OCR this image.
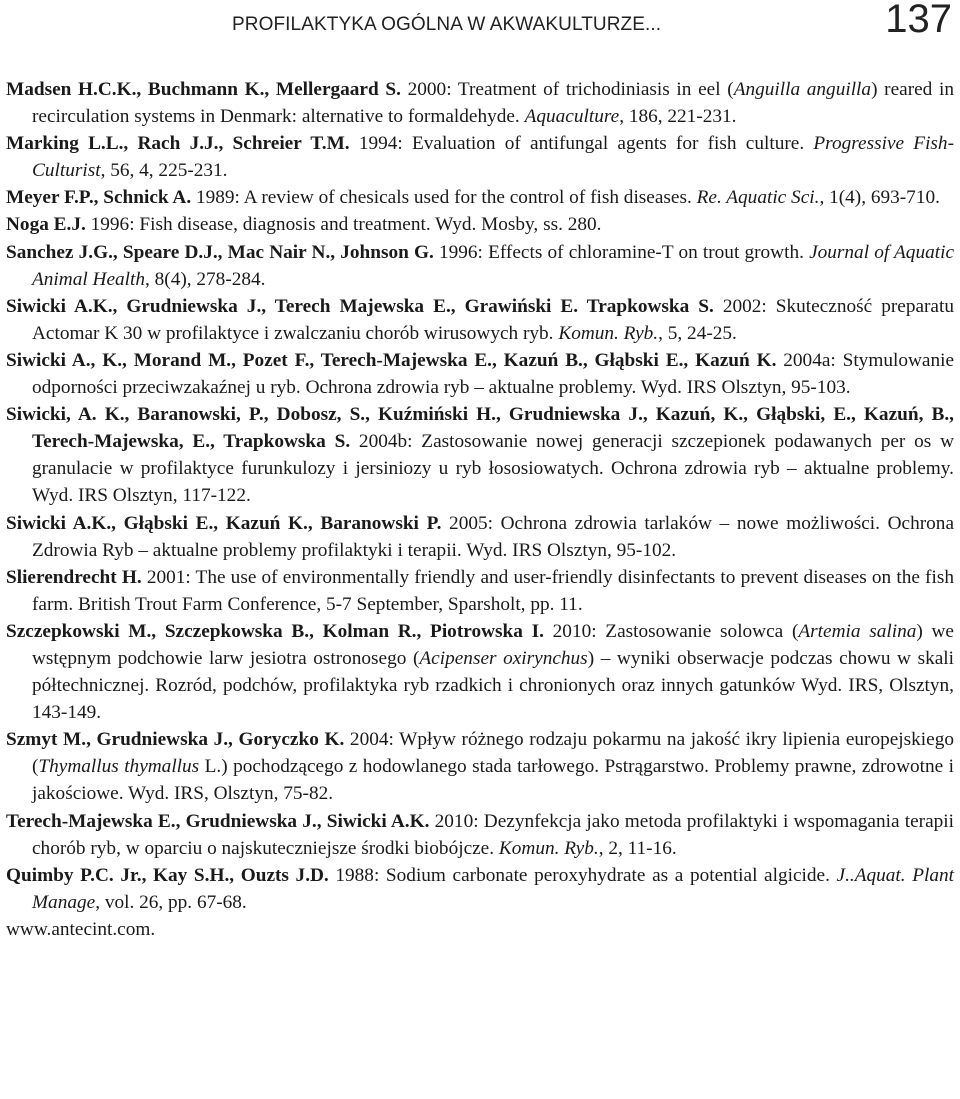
PROFILAKTYKA OGÓLNA W AKWAKULTURZE...	137

Madsen H.C.K., Buchmann K., Mellergaard S. 2000: Treatment of trichodiniasis in eel (Anguilla anguilla) reared in recirculation systems in Denmark: alternative to formaldehyde. Aquaculture, 186, 221-231.

Marking L.L., Rach J.J., Schreier T.M. 1994: Evaluation of antifungal agents for fish culture. Progressive Fish-Culturist, 56, 4, 225-231.

Meyer F.P., Schnick A. 1989: A review of chesicals used for the control of fish diseases. Re. Aquatic Sci., 1(4), 693-710.

Noga E.J. 1996: Fish disease, diagnosis and treatment. Wyd. Mosby, ss. 280.

Sanchez J.G., Speare D.J., Mac Nair N., Johnson G. 1996: Effects of chloramine-T on trout growth. Journal of Aquatic Animal Health, 8(4), 278-284.

Siwicki A.K., Grudniewska J., Terech Majewska E., Grawiński E. Trapkowska S. 2002: Skuteczność preparatu Actomar K 30 w profilaktyce i zwalczaniu chorób wirusowych ryb. Komun. Ryb., 5, 24-25.

Siwicki A., K., Morand M., Pozet F., Terech-Majewska E., Kazuń B., Głąbski E., Kazuń K. 2004a: Stymulowanie odporności przeciwzakaźnej u ryb. Ochrona zdrowia ryb – aktualne problemy. Wyd. IRS Olsztyn, 95-103.

Siwicki, A. K., Baranowski, P., Dobosz, S., Kuźmiński H., Grudniewska J., Kazuń, K., Głąbski, E., Kazuń, B., Terech-Majewska, E., Trapkowska S. 2004b: Zastosowanie nowej generacji szczepionek podawanych per os w granulacie w profilaktyce furunkulozy i jersiniozy u ryb łososiowatych. Ochrona zdrowia ryb – aktualne problemy. Wyd. IRS Olsztyn, 117-122.

Siwicki A.K., Głąbski E., Kazuń K., Baranowski P. 2005: Ochrona zdrowia tarlaków – nowe możliwości. Ochrona Zdrowia Ryb – aktualne problemy profilaktyki i terapii. Wyd. IRS Olsztyn, 95-102.

Slierendrecht H. 2001: The use of environmentally friendly and user-friendly disinfectants to prevent diseases on the fish farm. British Trout Farm Conference, 5-7 September, Sparsholt, pp. 11.

Szczepkowski M., Szczepkowska B., Kolman R., Piotrowska I. 2010: Zastosowanie solowca (Artemia salina) we wstępnym podchowie larw jesiotra ostronosego (Acipenser oxirynchus) – wyniki obserwacje podczas chowu w skali półtechnicznej. Rozród, podchów, profilaktyka ryb rzadkich i chronionych oraz innych gatunków Wyd. IRS, Olsztyn, 143-149.

Szmyt M., Grudniewska J., Goryczko K. 2004: Wpływ różnego rodzaju pokarmu na jakość ikry lipienia europejskiego (Thymallus thymallus L.) pochodzącego z hodowlanego stada tarłowego. Pstrągarstwo. Problemy prawne, zdrowotne i jakościowe. Wyd. IRS, Olsztyn, 75-82.

Terech-Majewska E., Grudniewska J., Siwicki A.K. 2010: Dezynfekcja jako metoda profilaktyki i wspomagania terapii chorób ryb, w oparciu o najskuteczniejsze środki biobójcze. Komun. Ryb., 2, 11-16.

Quimby P.C. Jr., Kay S.H., Ouzts J.D. 1988: Sodium carbonate peroxyhydrate as a potential algicide. J..Aquat. Plant Manage, vol. 26, pp. 67-68.

www.antecint.com.
